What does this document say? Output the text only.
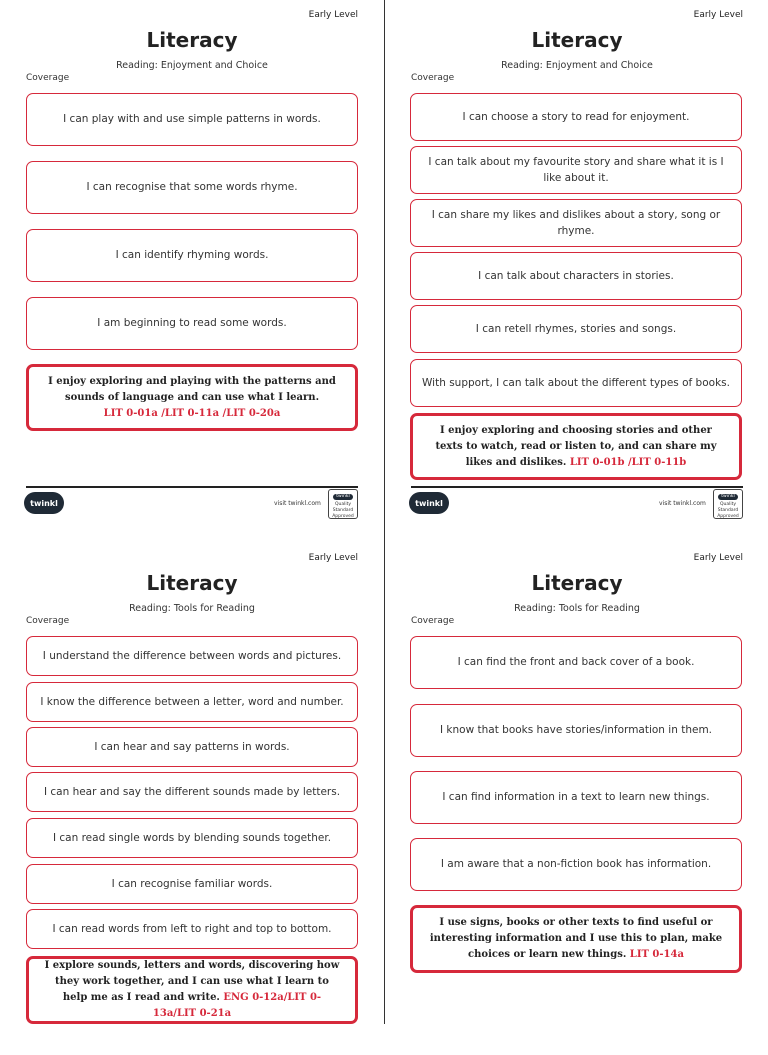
Early Level
Literacy
Reading: Enjoyment and Choice
Coverage
I can play with and use simple patterns in words.
I can recognise that some words rhyme.
I can identify rhyming words.
I am beginning to read some words.
I enjoy exploring and playing with the patterns and sounds of language and can use what I learn.
LIT 0-01a /LIT 0-11a /LIT 0-20a
twinkl	visit twinkl.com
twinkl
Quality Standard Approved
Early Level
Literacy
Reading: Enjoyment and Choice
Coverage
I can choose a story to read for enjoyment.
I can talk about my favourite story and share what it is I like about it.
I can share my likes and dislikes about a story, song or rhyme.
I can talk about characters in stories.
I can retell rhymes, stories and songs.
With support, I can talk about the different types of books.
I enjoy exploring and choosing stories and other texts to watch, read or listen to, and can share my likes and dislikes. LIT 0-01b /LIT 0-11b
twinkl	visit twinkl.com
twinkl
Quality Standard Approved
Early Level
Literacy
Reading: Tools for Reading
Coverage
I understand the difference between words and pictures.
I know the difference between a letter, word and number.
I can hear and say patterns in words.
I can hear and say the different sounds made by letters.
I can read single words by blending sounds together.
I can recognise familiar words.
I can read words from left to right and top to bottom.
I explore sounds, letters and words, discovering how they work together, and I can use what I learn to help me as I read and write. ENG 0-12a/LIT 0-13a/LIT 0-21a
Early Level
Literacy
Reading: Tools for Reading
Coverage
I can find the front and back cover of a book.
I know that books have stories/information in them.
I can find information in a text to learn new things.
I am aware that a non-fiction book has information.
I use signs, books or other texts to find useful or interesting information and I use this to plan, make choices or learn new things. LIT 0-14a
